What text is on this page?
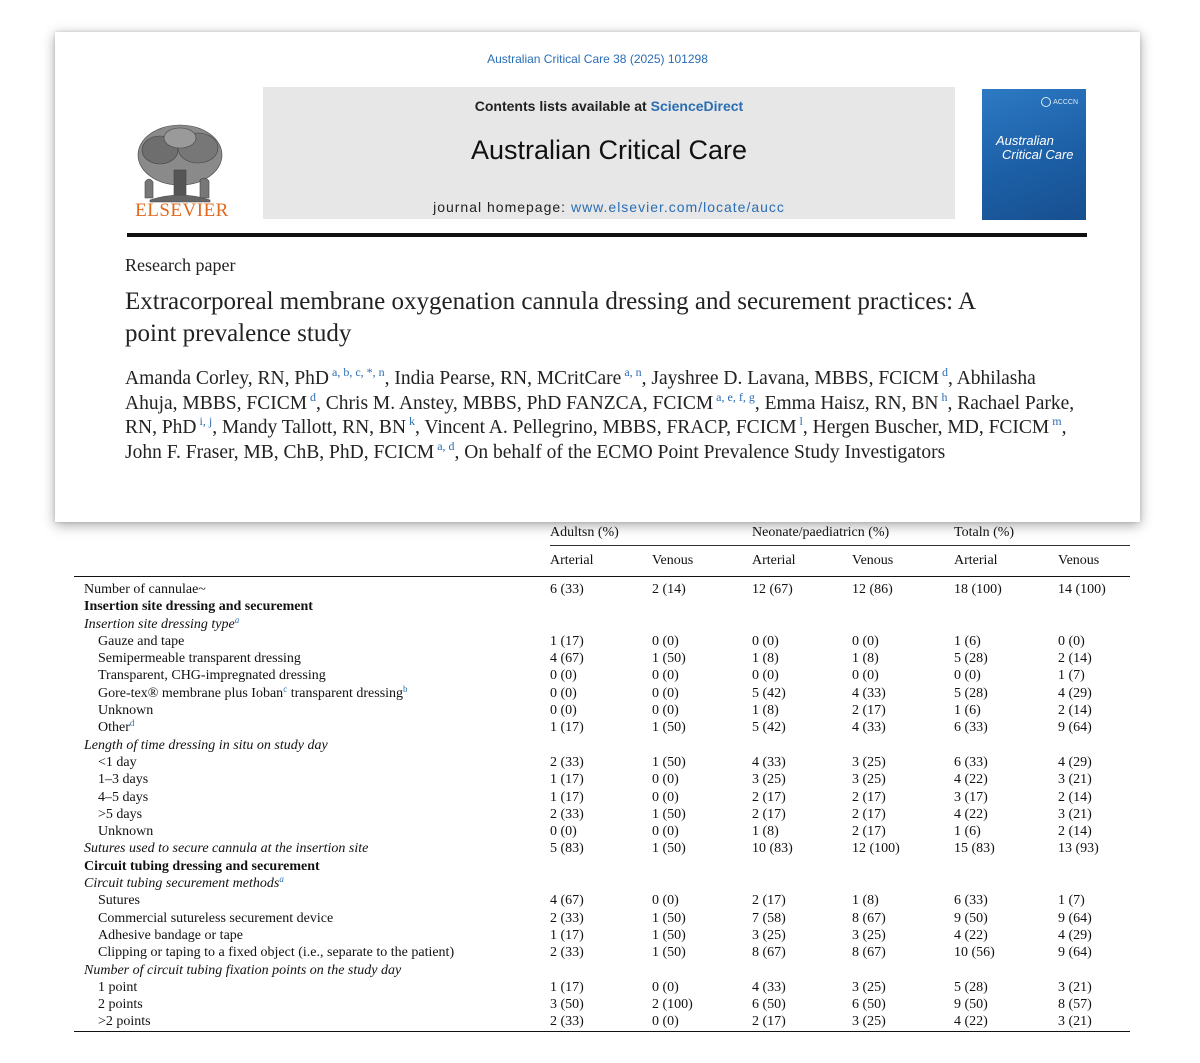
Australian Critical Care 38 (2025) 101298
ELSEVIER
Contents lists available at ScienceDirect
Australian Critical Care
journal homepage: www.elsevier.com/locate/aucc
ACCCN
Australian
Critical Care
Research paper
Extracorporeal membrane oxygenation cannula dressing and securement practices: A point prevalence study
Amanda Corley, RN, PhD $^{a, b, c, *, n}$, India Pearse, RN, MCritCare $^{a, n}$, Jayshree D. Lavana, MBBS, FCICM $^d$, Abhilasha Ahuja, MBBS, FCICM $^d$, Chris M. Anstey, MBBS, PhD FANZCA, FCICM $^{a, e, f, g}$, Emma Haisz, RN, BN $^h$, Rachael Parke, RN, PhD $^{i, j}$, Mandy Tallott, RN, BN $^k$, Vincent A. Pellegrino, MBBS, FRACP, FCICM $^l$, Hergen Buscher, MD, FCICM $^m$, John F. Fraser, MB, ChB, PhD, FCICM $^{a, d}$, On behalf of the ECMO Point Prevalence Study Investigators
	Adultsn (%)		Neonate/paediatricn (%)		Totaln (%)	
	Arterial	Venous	Arterial	Venous	Arterial	Venous
Number of cannulae~	6 (33)	2 (14)	12 (67)	12 (86)	18 (100)	14 (100)
Insertion site dressing and securement						
Insertion site dressing type$^a$						
Gauze and tape	1 (17)	0 (0)	0 (0)	0 (0)	1 (6)	0 (0)
Semipermeable transparent dressing	4 (67)	1 (50)	1 (8)	1 (8)	5 (28)	2 (14)
Transparent, CHG-impregnated dressing	0 (0)	0 (0)	0 (0)	0 (0)	0 (0)	1 (7)
Gore-tex® membrane plus Ioban$^c$ transparent dressing$^b$	0 (0)	0 (0)	5 (42)	4 (33)	5 (28)	4 (29)
Unknown	0 (0)	0 (0)	1 (8)	2 (17)	1 (6)	2 (14)
Other$^d$	1 (17)	1 (50)	5 (42)	4 (33)	6 (33)	9 (64)
Length of time dressing in situ on study day						
<1 day	2 (33)	1 (50)	4 (33)	3 (25)	6 (33)	4 (29)
1–3 days	1 (17)	0 (0)	3 (25)	3 (25)	4 (22)	3 (21)
4–5 days	1 (17)	0 (0)	2 (17)	2 (17)	3 (17)	2 (14)
>5 days	2 (33)	1 (50)	2 (17)	2 (17)	4 (22)	3 (21)
Unknown	0 (0)	0 (0)	1 (8)	2 (17)	1 (6)	2 (14)
Sutures used to secure cannula at the insertion site	5 (83)	1 (50)	10 (83)	12 (100)	15 (83)	13 (93)
Circuit tubing dressing and securement						
Circuit tubing securement methods$^a$						
Sutures	4 (67)	0 (0)	2 (17)	1 (8)	6 (33)	1 (7)
Commercial sutureless securement device	2 (33)	1 (50)	7 (58)	8 (67)	9 (50)	9 (64)
Adhesive bandage or tape	1 (17)	1 (50)	3 (25)	3 (25)	4 (22)	4 (29)
Clipping or taping to a fixed object (i.e., separate to the patient)	2 (33)	1 (50)	8 (67)	8 (67)	10 (56)	9 (64)
Number of circuit tubing fixation points on the study day						
1 point	1 (17)	0 (0)	4 (33)	3 (25)	5 (28)	3 (21)
2 points	3 (50)	2 (100)	6 (50)	6 (50)	9 (50)	8 (57)
>2 points	2 (33)	0 (0)	2 (17)	3 (25)	4 (22)	3 (21)
